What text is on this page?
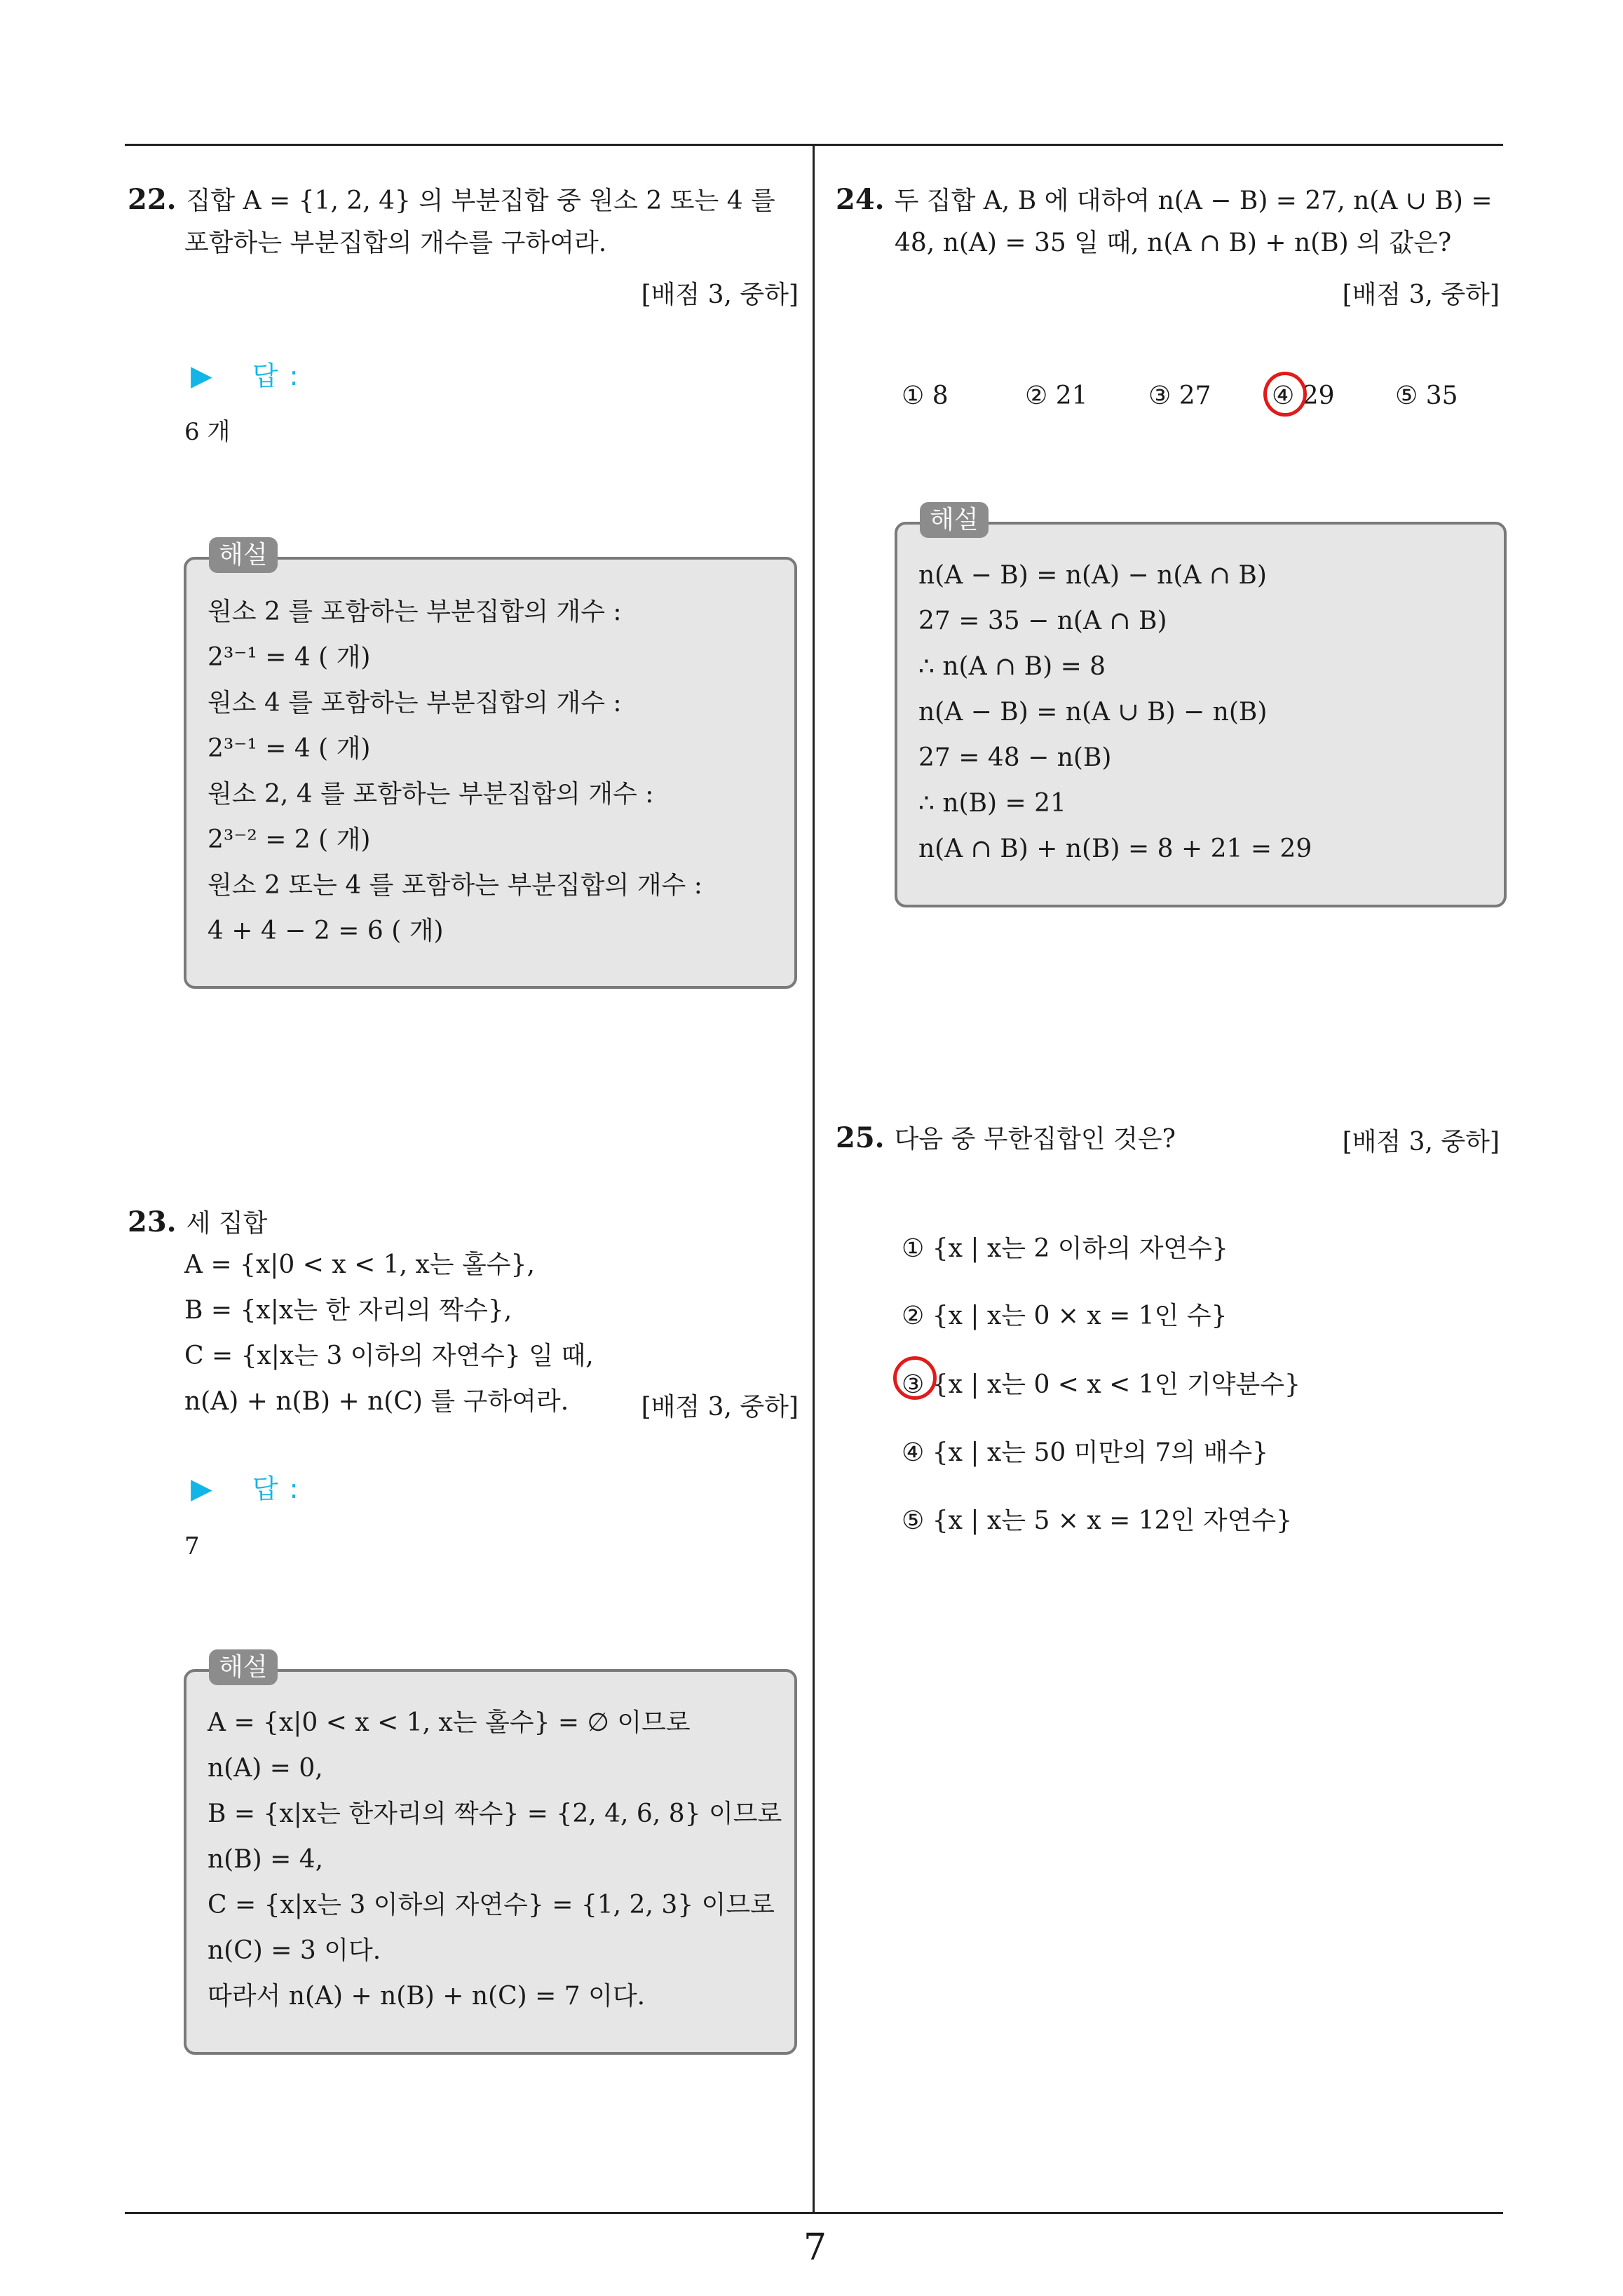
22. 집합 A = {1, 2, 4} 의 부분집합 중 원소 2 또는 4 를
포함하는 부분집합의 개수를 구하여라.
[배점 3, 중하]
▶ 답 :
6 개
해설
원소 2 를 포함하는 부분집합의 개수 :
2³⁻¹ = 4 ( 개)
원소 4 를 포함하는 부분집합의 개수 :
2³⁻¹ = 4 ( 개)
원소 2, 4 를 포함하는 부분집합의 개수 :
2³⁻² = 2 ( 개)
원소 2 또는 4 를 포함하는 부분집합의 개수 :
4 + 4 − 2 = 6 ( 개)
23. 세 집합
A = {x|0 < x < 1, x는 홀수},
B = {x|x는 한 자리의 짝수},
C = {x|x는 3 이하의 자연수} 일 때,
n(A) + n(B) + n(C) 를 구하여라.	[배점 3, 중하]
▶ 답 :
7
해설
A = {x|0 < x < 1, x는 홀수} = ∅ 이므로
n(A) = 0,
B = {x|x는 한자리의 짝수} = {2, 4, 6, 8} 이므로
n(B) = 4,
C = {x|x는 3 이하의 자연수} = {1, 2, 3} 이므로
n(C) = 3 이다.
따라서 n(A) + n(B) + n(C) = 7 이다.
24. 두 집합 A, B 에 대하여 n(A − B) = 27, n(A ∪ B) =
48, n(A) = 35 일 때, n(A ∩ B) + n(B) 의 값은?
[배점 3, 중하]
① 8	② 21 ③ 27 ④ 29 ⑤ 35
해설
n(A − B) = n(A) − n(A ∩ B)
27 = 35 − n(A ∩ B)
∴ n(A ∩ B) = 8
n(A − B) = n(A ∪ B) − n(B)
27 = 48 − n(B)
∴ n(B) = 21
n(A ∩ B) + n(B) = 8 + 21 = 29
25. 다음 중 무한집합인 것은?	[배점 3, 중하]
① {x | x는 2 이하의 자연수}
② {x | x는 0 × x = 1인 수}
③ {x | x는 0 < x < 1인 기약분수}
④ {x | x는 50 미만의 7의 배수}
⑤ {x | x는 5 × x = 12인 자연수}
7
